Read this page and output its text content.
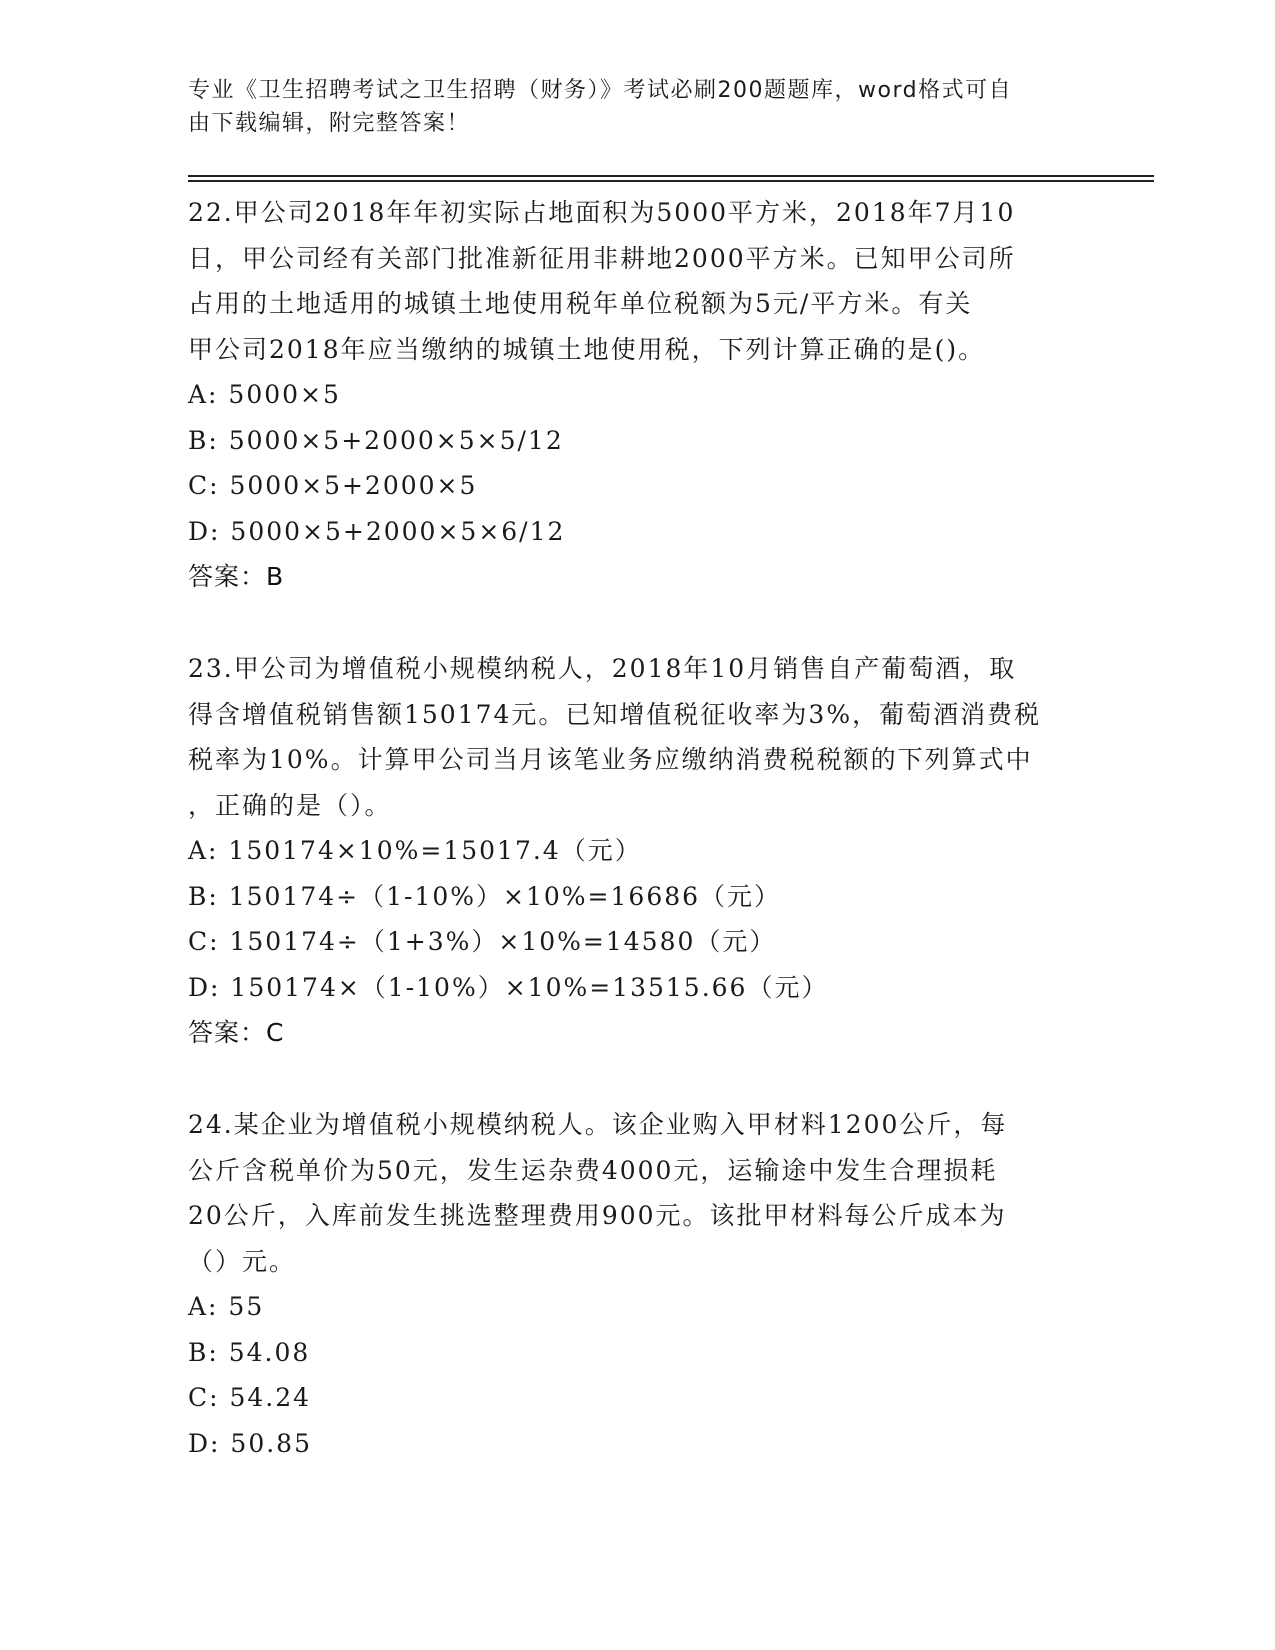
专业《卫生招聘考试之卫生招聘（财务）》考试必刷200题题库，word格式可自
由下载编辑，附完整答案！
22.甲公司2018年年初实际占地面积为5000平方米，2018年7月10
日，甲公司经有关部门批准新征用非耕地2000平方米。已知甲公司所
占用的土地适用的城镇土地使用税年单位税额为5元/平方米。有关
甲公司2018年应当缴纳的城镇土地使用税，下列计算正确的是()。
A: 5000×5
B: 5000×5+2000×5×5/12
C: 5000×5+2000×5
D: 5000×5+2000×5×6/12
答案：B
23.甲公司为增值税小规模纳税人，2018年10月销售自产葡萄酒，取
得含增值税销售额150174元。已知增值税征收率为3%，葡萄酒消费税
税率为10%。计算甲公司当月该笔业务应缴纳消费税税额的下列算式中
，正确的是（）。
A: 150174×10%=15017.4（元）
B: 150174÷（1-10%）×10%=16686（元）
C: 150174÷（1+3%）×10%=14580（元）
D: 150174×（1-10%）×10%=13515.66（元）
答案：C
24.某企业为增值税小规模纳税人。该企业购入甲材料1200公斤，每
公斤含税单价为50元，发生运杂费4000元，运输途中发生合理损耗
20公斤，入库前发生挑选整理费用900元。该批甲材料每公斤成本为
（）元。
A: 55
B: 54.08
C: 54.24
D: 50.85
